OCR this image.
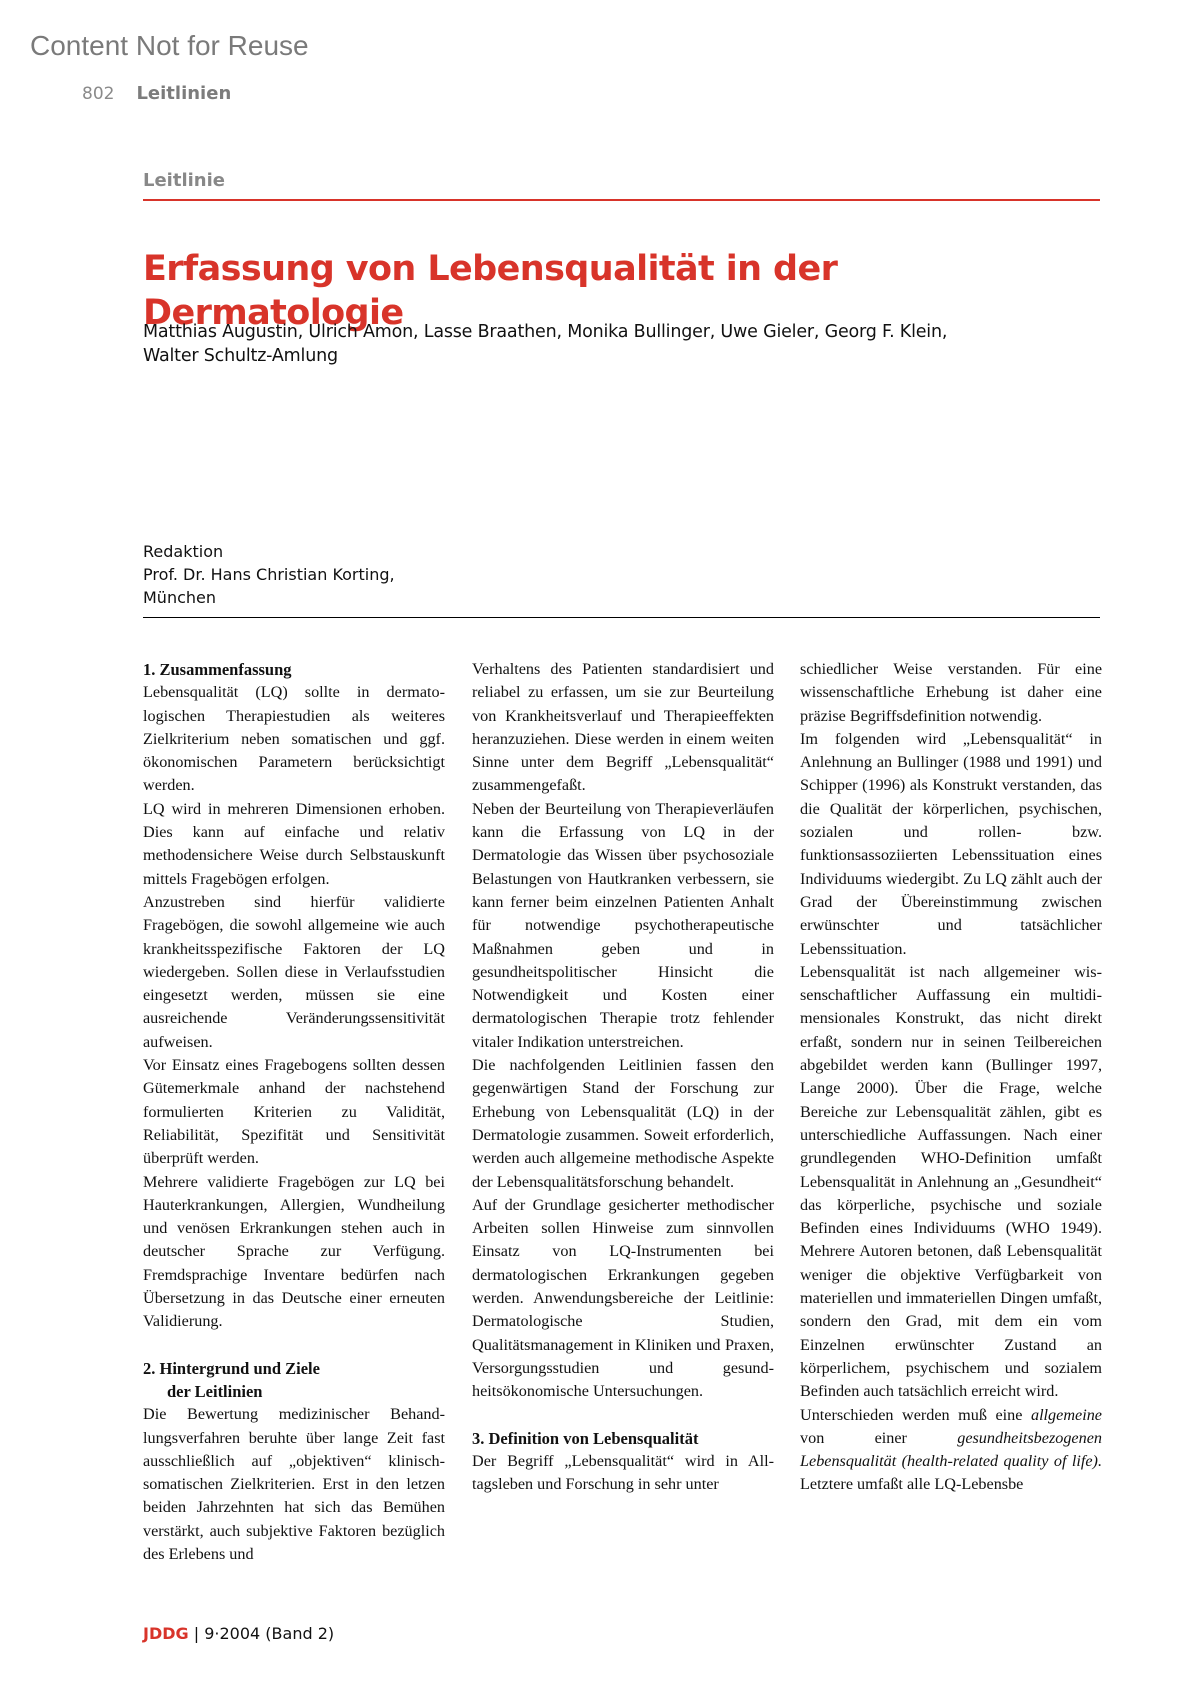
Content Not for Reuse
802 Leitlinien
Leitlinie
Erfassung von Lebensqualität in der Dermatologie
Matthias Augustin, Ulrich Amon, Lasse Braathen, Monika Bullinger, Uwe Gieler, Georg F. Klein,
Walter Schultz-Amlung
Redaktion
Prof. Dr. Hans Christian Korting,
München
1. Zusammenfassung

Lebensqualität (LQ) sollte in dermatologischen Therapiestudien als weiteres Zielkriterium neben somatischen und ggf. ökonomischen Parametern berücksichtigt werden.

LQ wird in mehreren Dimensionen erhoben. Dies kann auf einfache und relativ methodensichere Weise durch Selbstauskunft mittels Fragebögen erfolgen.

Anzustreben sind hierfür validierte Fragebögen, die sowohl allgemeine wie auch krankheitsspezifische Faktoren der LQ wiedergeben. Sollen diese in Verlaufsstudien eingesetzt werden, müssen sie eine ausreichende Veränderungssensitivität aufweisen.

Vor Einsatz eines Fragebogens sollten dessen Gütemerkmale anhand der nachstehend formulierten Kriterien zu Validität, Reliabilität, Spezifität und Sensitivität überprüft werden.

Mehrere validierte Fragebögen zur LQ bei Hauterkrankungen, Allergien, Wundheilung und venösen Erkrankungen stehen auch in deutscher Sprache zur Verfügung. Fremdsprachige Inventare bedürfen nach Übersetzung in das Deutsche einer erneuten Validierung.

2. Hintergrund und Ziele
der Leitlinien

Die Bewertung medizinischer Behandlungsverfahren beruhte über lange Zeit fast ausschließlich auf „objektiven“ klinisch-somatischen Zielkriterien. Erst in den letzen beiden Jahrzehnten hat sich das Bemühen verstärkt, auch subjektive Faktoren bezüglich des Erlebens und

Verhaltens des Patienten standardisiert und reliabel zu erfassen, um sie zur Beurteilung von Krankheitsverlauf und Therapieeffekten heranzuziehen. Diese werden in einem weiten Sinne unter dem Begriff „Lebensqualität“ zusammengefaßt.

Neben der Beurteilung von Therapieverläufen kann die Erfassung von LQ in der Dermatologie das Wissen über psychosoziale Belastungen von Hautkranken verbessern, sie kann ferner beim einzelnen Patienten Anhalt für notwendige psychotherapeutische Maßnahmen geben und in gesundheitspolitischer Hinsicht die Notwendigkeit und Kosten einer dermatologischen Therapie trotz fehlender vitaler Indikation unterstreichen.

Die nachfolgenden Leitlinien fassen den gegenwärtigen Stand der Forschung zur Erhebung von Lebensqualität (LQ) in der Dermatologie zusammen. Soweit erforderlich, werden auch allgemeine methodische Aspekte der Lebensqualitätsforschung behandelt.

Auf der Grundlage gesicherter methodischer Arbeiten sollen Hinweise zum sinnvollen Einsatz von LQ-Instrumenten bei dermatologischen Erkrankungen gegeben werden. Anwendungsbereiche der Leitlinie: Dermatologische Studien, Qualitätsmanagement in Kliniken und Praxen, Versorgungsstudien und gesundheitsökonomische Untersuchungen.

3. Definition von Lebensqualität

Der Begriff „Lebensqualität“ wird in Alltagsleben und Forschung in sehr unter

schiedlicher Weise verstanden. Für eine wissenschaftliche Erhebung ist daher eine präzise Begriffsdefinition notwendig.

Im folgenden wird „Lebensqualität“ in Anlehnung an Bullinger (1988 und 1991) und Schipper (1996) als Konstrukt verstanden, das die Qualität der körperlichen, psychischen, sozialen und rollen- bzw. funktionsassoziierten Lebenssituation eines Individuums wiedergibt. Zu LQ zählt auch der Grad der Übereinstimmung zwischen erwünschter und tatsächlicher Lebenssituation.

Lebensqualität ist nach allgemeiner wissenschaftlicher Auffassung ein multidimensionales Konstrukt, das nicht direkt erfaßt, sondern nur in seinen Teilbereichen abgebildet werden kann (Bullinger 1997, Lange 2000). Über die Frage, welche Bereiche zur Lebensqualität zählen, gibt es unterschiedliche Auffassungen. Nach einer grundlegenden WHO-Definition umfaßt Lebensqualität in Anlehnung an „Gesundheit“ das körperliche, psychische und soziale Befinden eines Individuums (WHO 1949). Mehrere Autoren betonen, daß Lebensqualität weniger die objektive Verfügbarkeit von materiellen und immateriellen Dingen umfaßt, sondern den Grad, mit dem ein vom Einzelnen erwünschter Zustand an körperlichem, psychischem und sozialem Befinden auch tatsächlich erreicht wird.

Unterschieden werden muß eine allgemeine von einer gesundheitsbezogenen Lebensqualität (health-related quality of life). Letztere umfaßt alle LQ-Lebensbe

JDDG | 9·2004 (Band 2)
